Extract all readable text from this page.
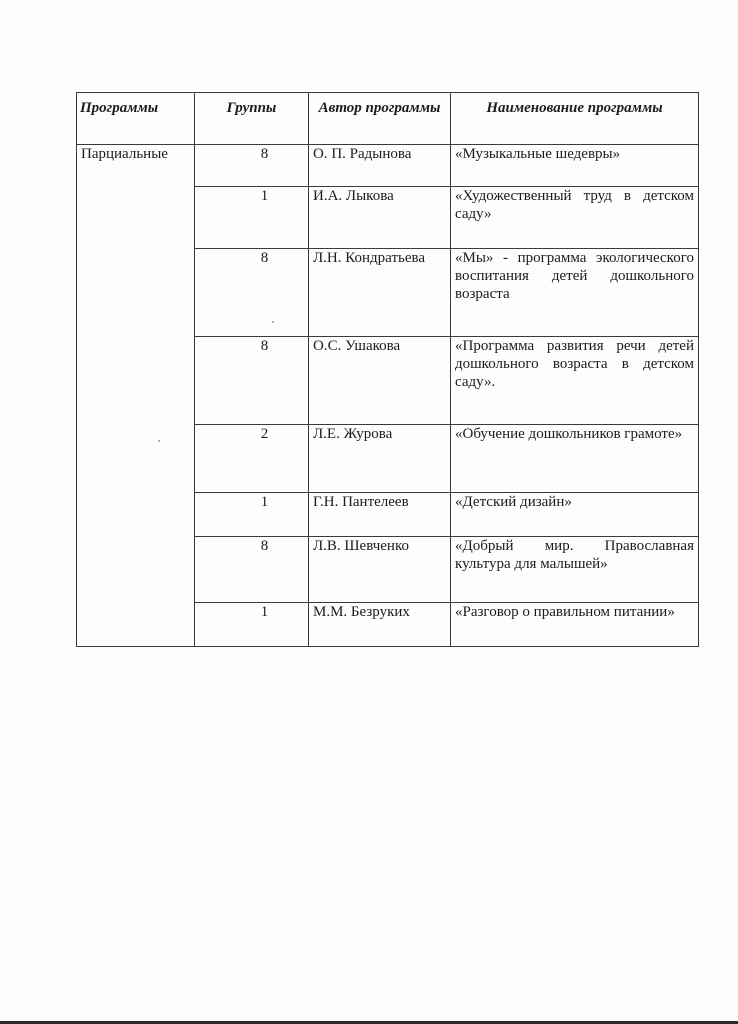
Программы	Группы	Автор программы	Наименование программы
Парциальные	8	О. П. Радынова	«Музыкальные шедевры»
	1	И.А. Лыкова	«Художественный труд в детском саду»
	8	Л.Н. Кондратьева	«Мы» - программа экологического воспитания детей дошкольного возраста
	8	О.С. Ушакова	«Программа развития речи детей дошкольного возраста в детском саду».
	2	Л.Е. Журова	«Обучение дошкольников грамоте»
	1	Г.Н. Пантелеев	«Детский дизайн»
	8	Л.В. Шевченко	«Добрый мир. Православная культура для малышей»
	1	М.М. Безруких	«Разговор о правильном питании»
